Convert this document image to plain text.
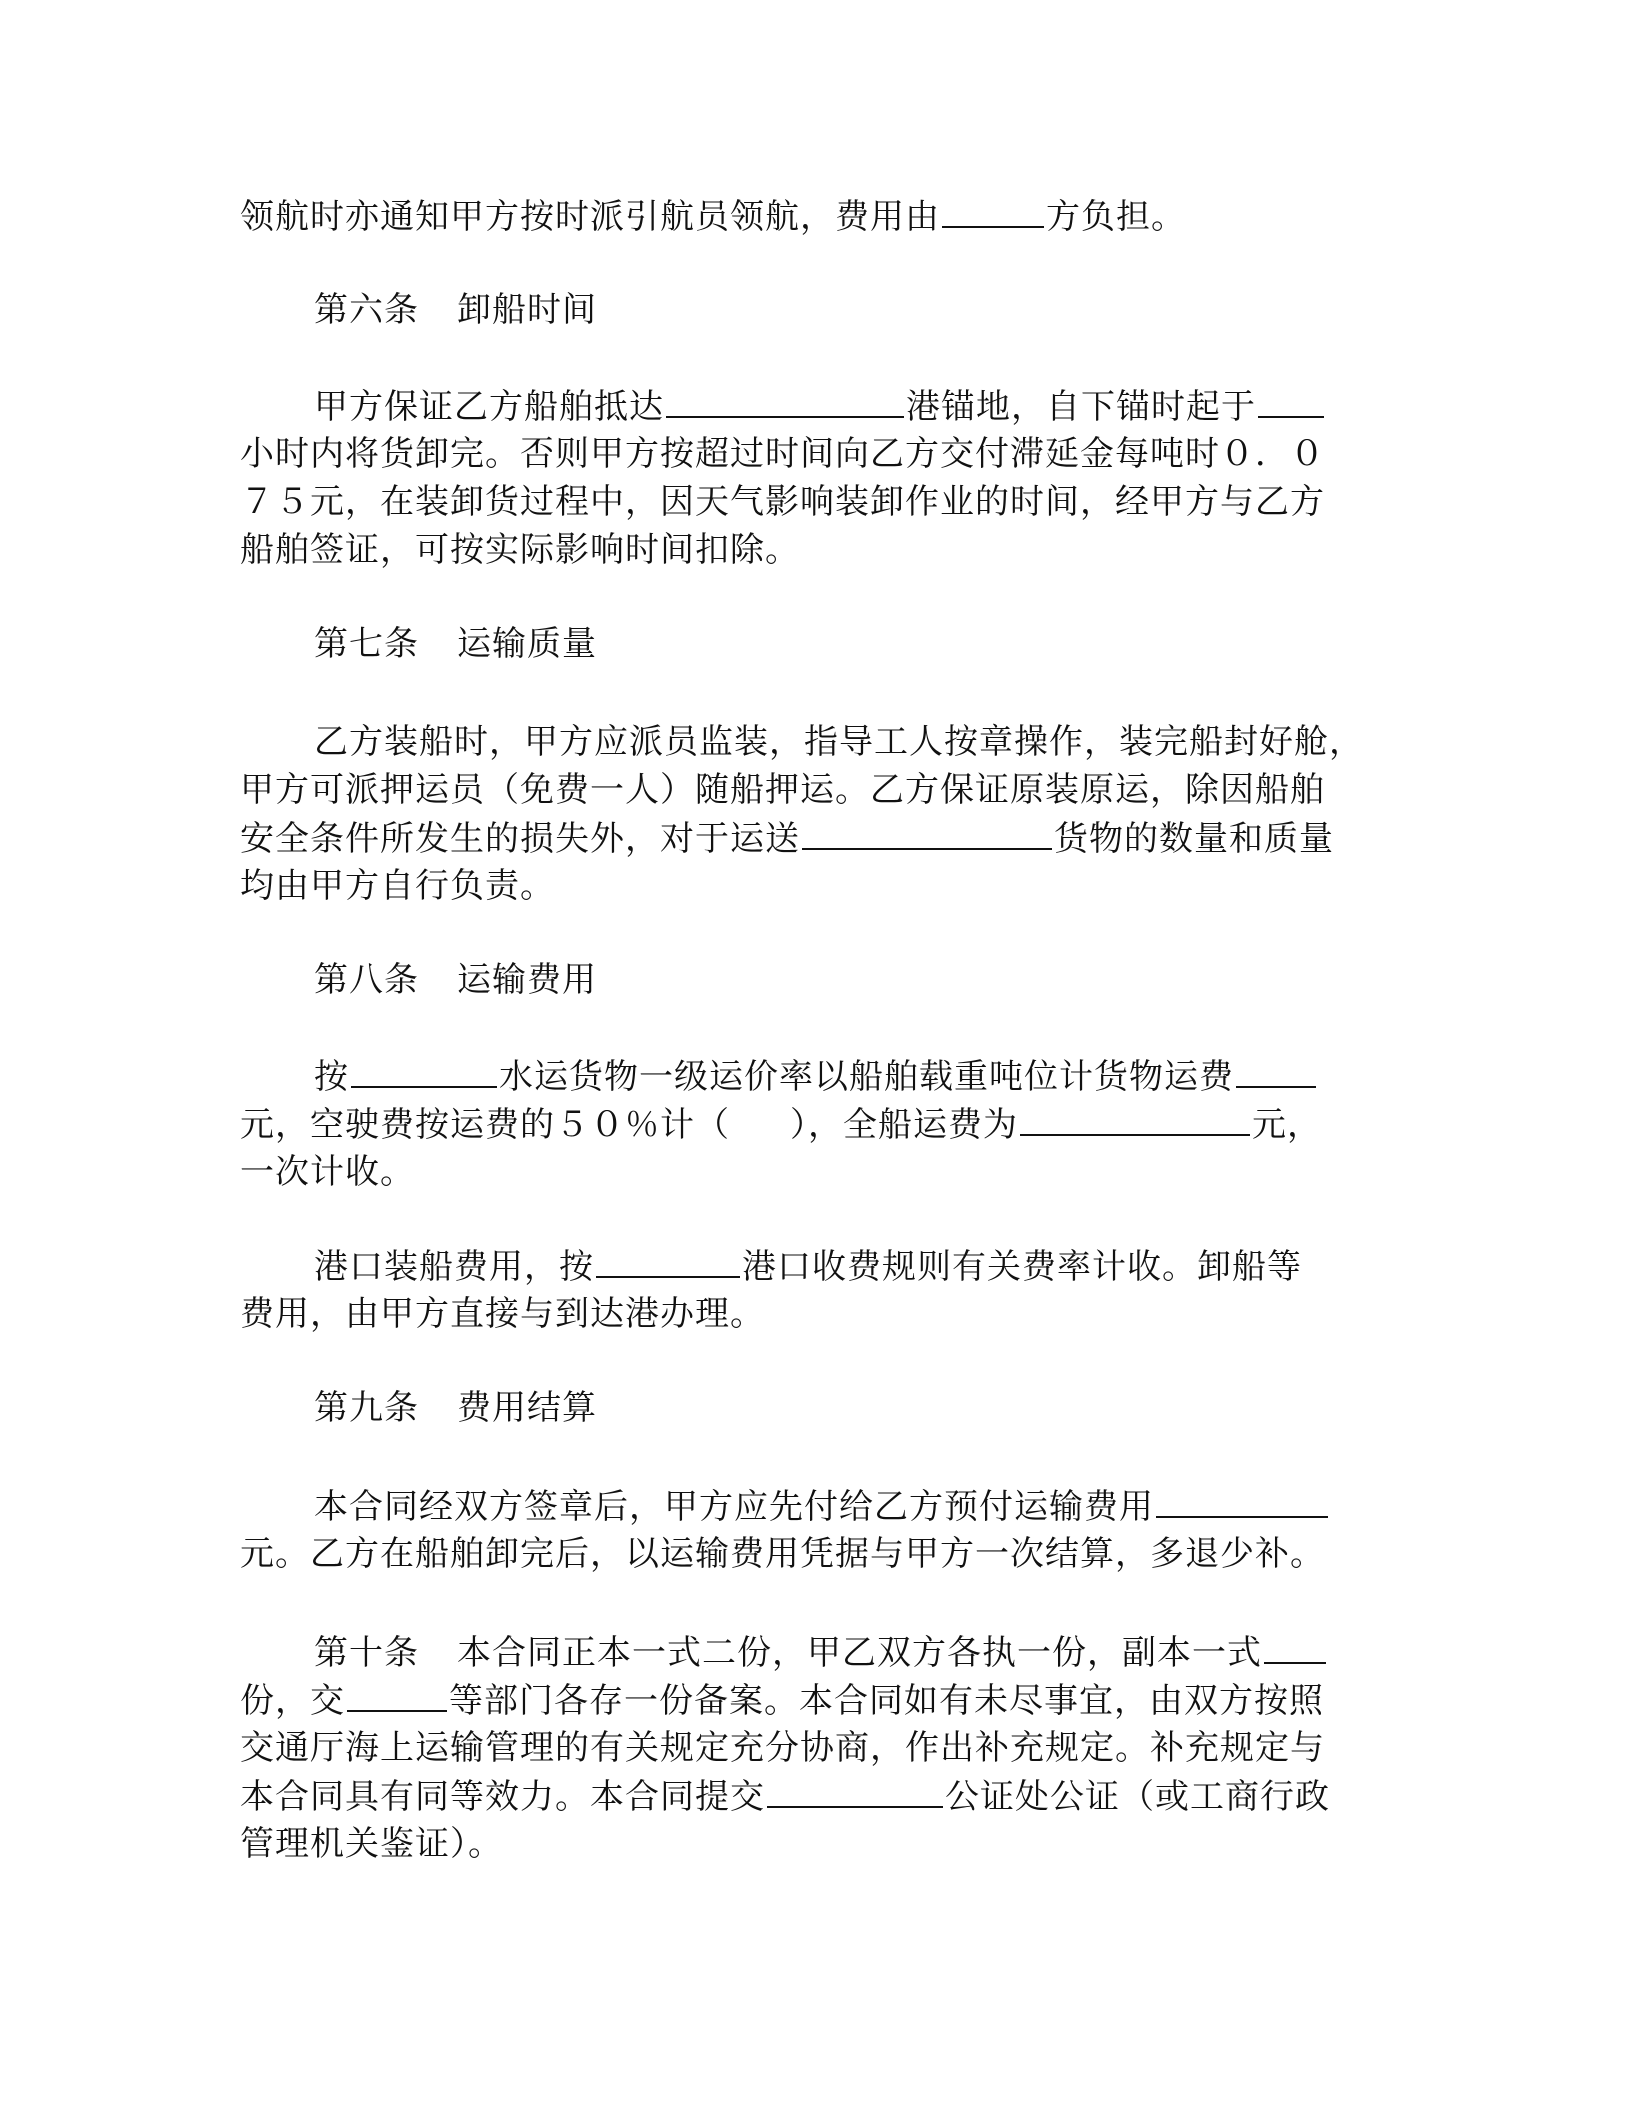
领航时亦通知甲方按时派引航员领航，费用由	方负担。
第六条 卸船时间
甲方保证乙方船舶抵达	港锚地，自下锚时起于
小时内将货卸完。否则甲方按超过时间向乙方交付滞延金每吨时０．０
７５元，在装卸货过程中，因天气影响装卸作业的时间，经甲方与乙方
船舶签证，可按实际影响时间扣除。
第七条 运输质量
乙方装船时，甲方应派员监装，指导工人按章操作，装完船封好舱，
甲方可派押运员（免费一人）随船押运。乙方保证原装原运，除因船舶
安全条件所发生的损失外，对于运送	货物的数量和质量
均由甲方自行负责。
第八条 运输费用
按	水运货物一级运价率以船舶载重吨位计货物运费
元，空驶费按运费的５０％计（ ），全船运费为	元，
一次计收。
港口装船费用，按	港口收费规则有关费率计收。卸船等
费用，由甲方直接与到达港办理。
第九条 费用结算
本合同经双方签章后，甲方应先付给乙方预付运输费用
元。乙方在船舶卸完后，以运输费用凭据与甲方一次结算，多退少补。
第十条 本合同正本一式二份，甲乙双方各执一份，副本一式
份，交	等部门各存一份备案。本合同如有未尽事宜，由双方按照
交通厅海上运输管理的有关规定充分协商，作出补充规定。补充规定与
本合同具有同等效力。本合同提交	公证处公证（或工商行政
管理机关鉴证）。
